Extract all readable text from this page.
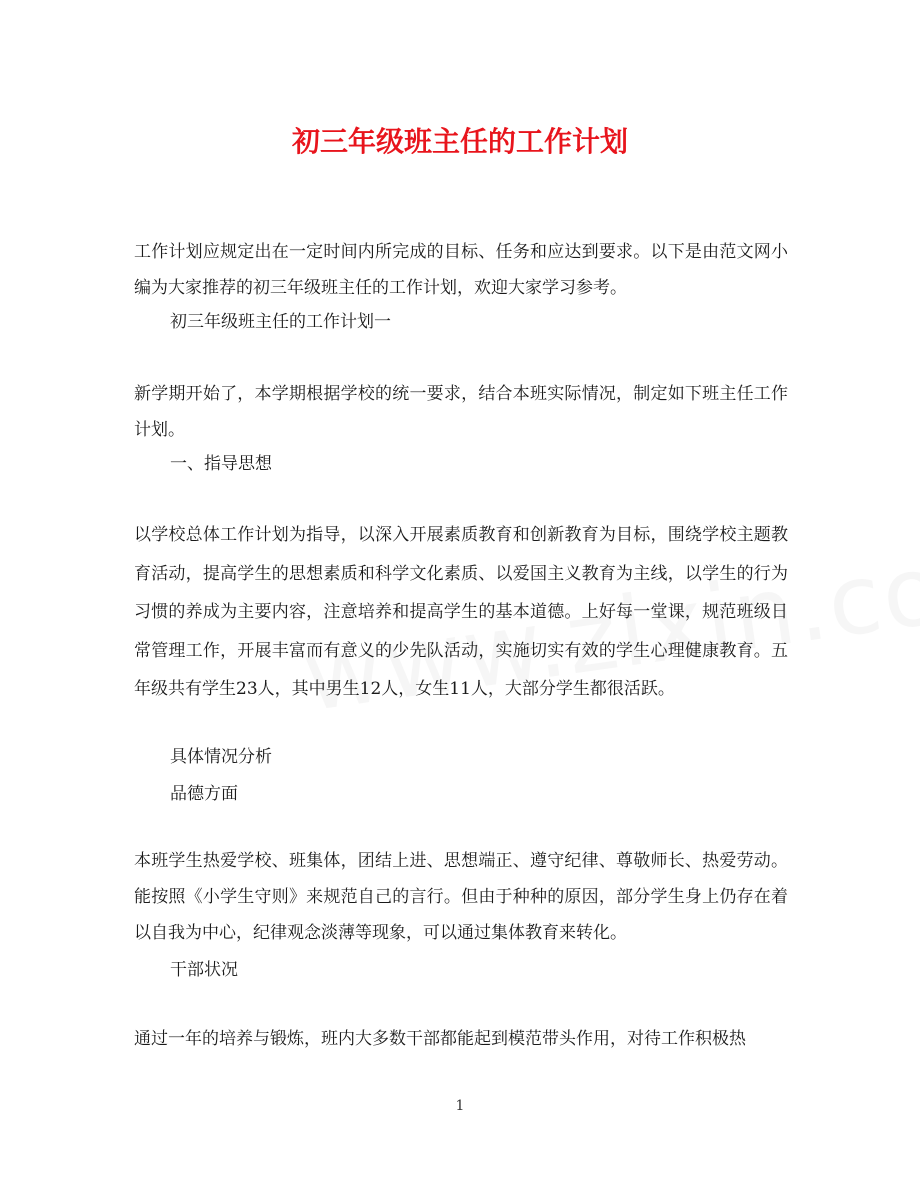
初三年级班主任的工作计划

工作计划应规定出在一定时间内所完成的目标、任务和应达到要求。以下是由范文网小编为大家推荐的初三年级班主任的工作计划，欢迎大家学习参考。

初三年级班主任的工作计划一

新学期开始了，本学期根据学校的统一要求，结合本班实际情况，制定如下班主任工作计划。

一、指导思想

以学校总体工作计划为指导，以深入开展素质教育和创新教育为目标，围绕学校主题教育活动，提高学生的思想素质和科学文化素质、以爱国主义教育为主线，以学生的行为习惯的养成为主要内容，注意培养和提高学生的基本道德。上好每一堂课，规范班级日常管理工作，开展丰富而有意义的少先队活动，实施切实有效的学生心理健康教育。五年级共有学生23人，其中男生12人，女生11人，大部分学生都很活跃。

具体情况分析

品德方面

本班学生热爱学校、班集体，团结上进、思想端正、遵守纪律、尊敬师长、热爱劳动。能按照《小学生守则》来规范自己的言行。但由于种种的原因，部分学生身上仍存在着以自我为中心，纪律观念淡薄等现象，可以通过集体教育来转化。

干部状况

通过一年的培养与锻炼，班内大多数干部都能起到模范带头作用，对待工作积极热

1
